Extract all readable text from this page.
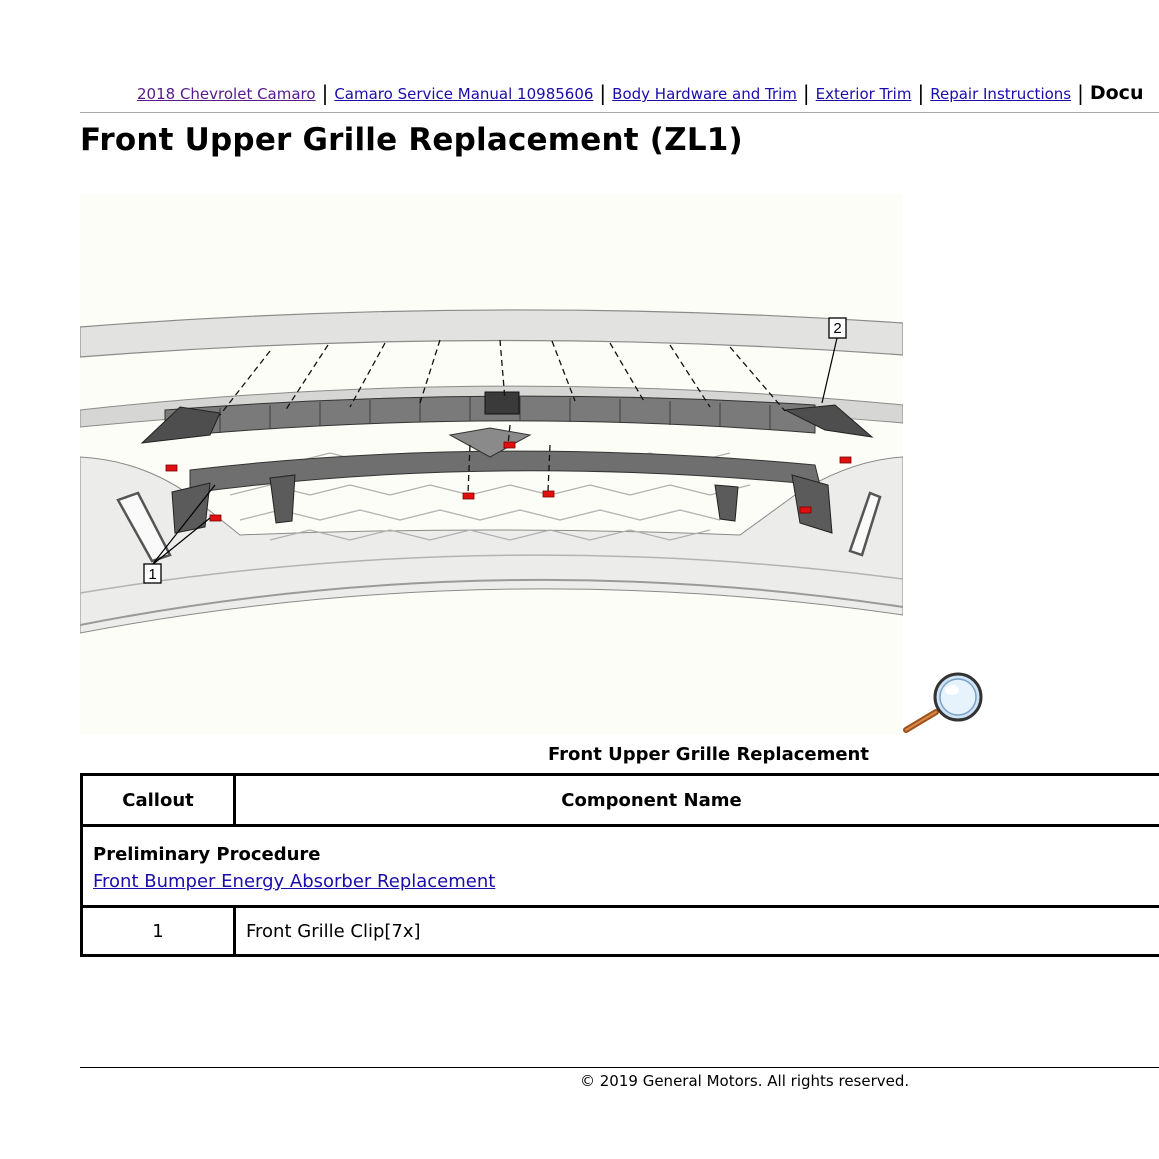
2018 Chevrolet Camaro | Camaro Service Manual 10985606 | Body Hardware and Trim | Exterior Trim | Repair Instructions | Docu
Front Upper Grille Replacement (ZL1)
1
2
Front Upper Grille Replacement
Callout	Component Name

Preliminary Procedure
Front Bumper Energy Absorber Replacement	
1	Front Grille Clip[7x]
© 2019 General Motors. All rights reserved.
